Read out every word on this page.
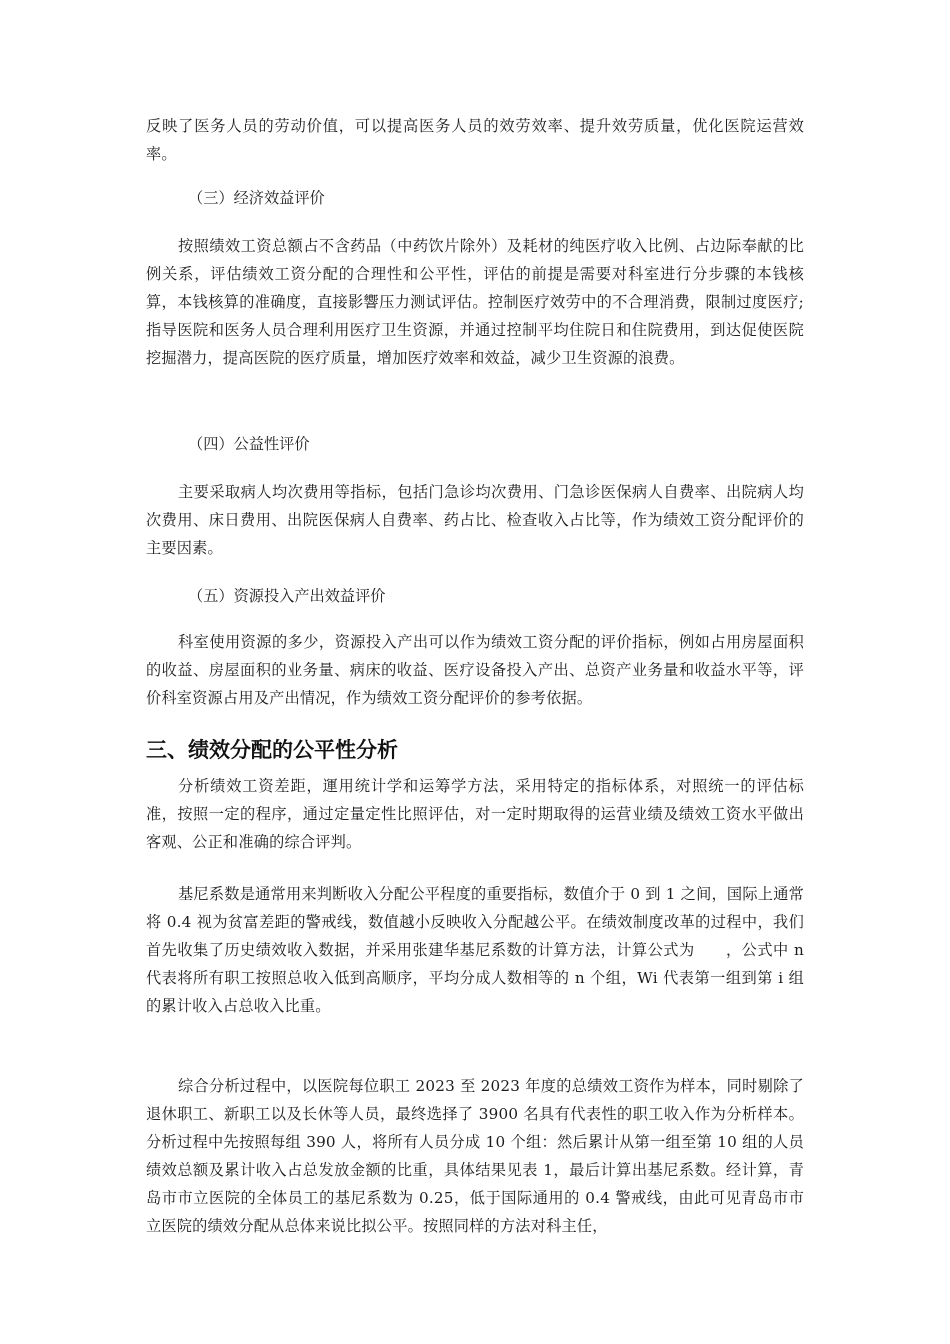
反映了医务人员的劳动价值，可以提高医务人员的效劳效率、提升效劳质量，优化医院运营效率。

（三）经济效益评价

按照绩效工资总额占不含药品（中药饮片除外）及耗材的纯医疗收入比例、占边际奉献的比例关系，评估绩效工资分配的合理性和公平性，评估的前提是需要对科室进行分步骤的本钱核算，本钱核算的准确度，直接影響压力测试评估。控制医疗效劳中的不合理消费，限制过度医疗;指导医院和医务人员合理利用医疗卫生资源，并通过控制平均住院日和住院费用，到达促使医院挖掘潜力，提高医院的医疗质量，增加医疗效率和效益，减少卫生资源的浪费。

（四）公益性评价

主要采取病人均次费用等指标，包括门急诊均次费用、门急诊医保病人自费率、出院病人均次费用、床日费用、出院医保病人自费率、药占比、检查收入占比等，作为绩效工资分配评价的主要因素。

（五）资源投入产出效益评价

科室使用资源的多少，资源投入产出可以作为绩效工资分配的评价指标，例如占用房屋面积的收益、房屋面积的业务量、病床的收益、医疗设备投入产出、总资产业务量和收益水平等，评价科室资源占用及产出情况，作为绩效工资分配评价的参考依据。

三、绩效分配的公平性分析

分析绩效工资差距，運用统计学和运筹学方法，采用特定的指标体系，对照统一的评估标准，按照一定的程序，通过定量定性比照评估，对一定时期取得的运营业绩及绩效工资水平做出客观、公正和准确的综合评判。

基尼系数是通常用来判断收入分配公平程度的重要指标，数值介于 0 到 1 之间，国际上通常将 0.4 视为贫富差距的警戒线，数值越小反映收入分配越公平。在绩效制度改革的过程中，我们首先收集了历史绩效收入数据，并采用张建华基尼系数的计算方法，计算公式为　　，公式中 n 代表将所有职工按照总收入低到高顺序，平均分成人数相等的 n 个组，Wi 代表第一组到第 i 组的累计收入占总收入比重。

综合分析过程中，以医院每位职工 2023 至 2023 年度的总绩效工资作为样本，同时剔除了退休职工、新职工以及长休等人员，最终选择了 3900 名具有代表性的职工收入作为分析样本。分析过程中先按照每组 390 人，将所有人员分成 10 个组：然后累计从第一组至第 10 组的人员绩效总额及累计收入占总发放金额的比重，具体结果见表 1，最后计算出基尼系数。经计算，青岛市市立医院的全体员工的基尼系数为 0.25，低于国际通用的 0.4 警戒线，由此可见青岛市市立医院的绩效分配从总体来说比拟公平。按照同样的方法对科主任，
